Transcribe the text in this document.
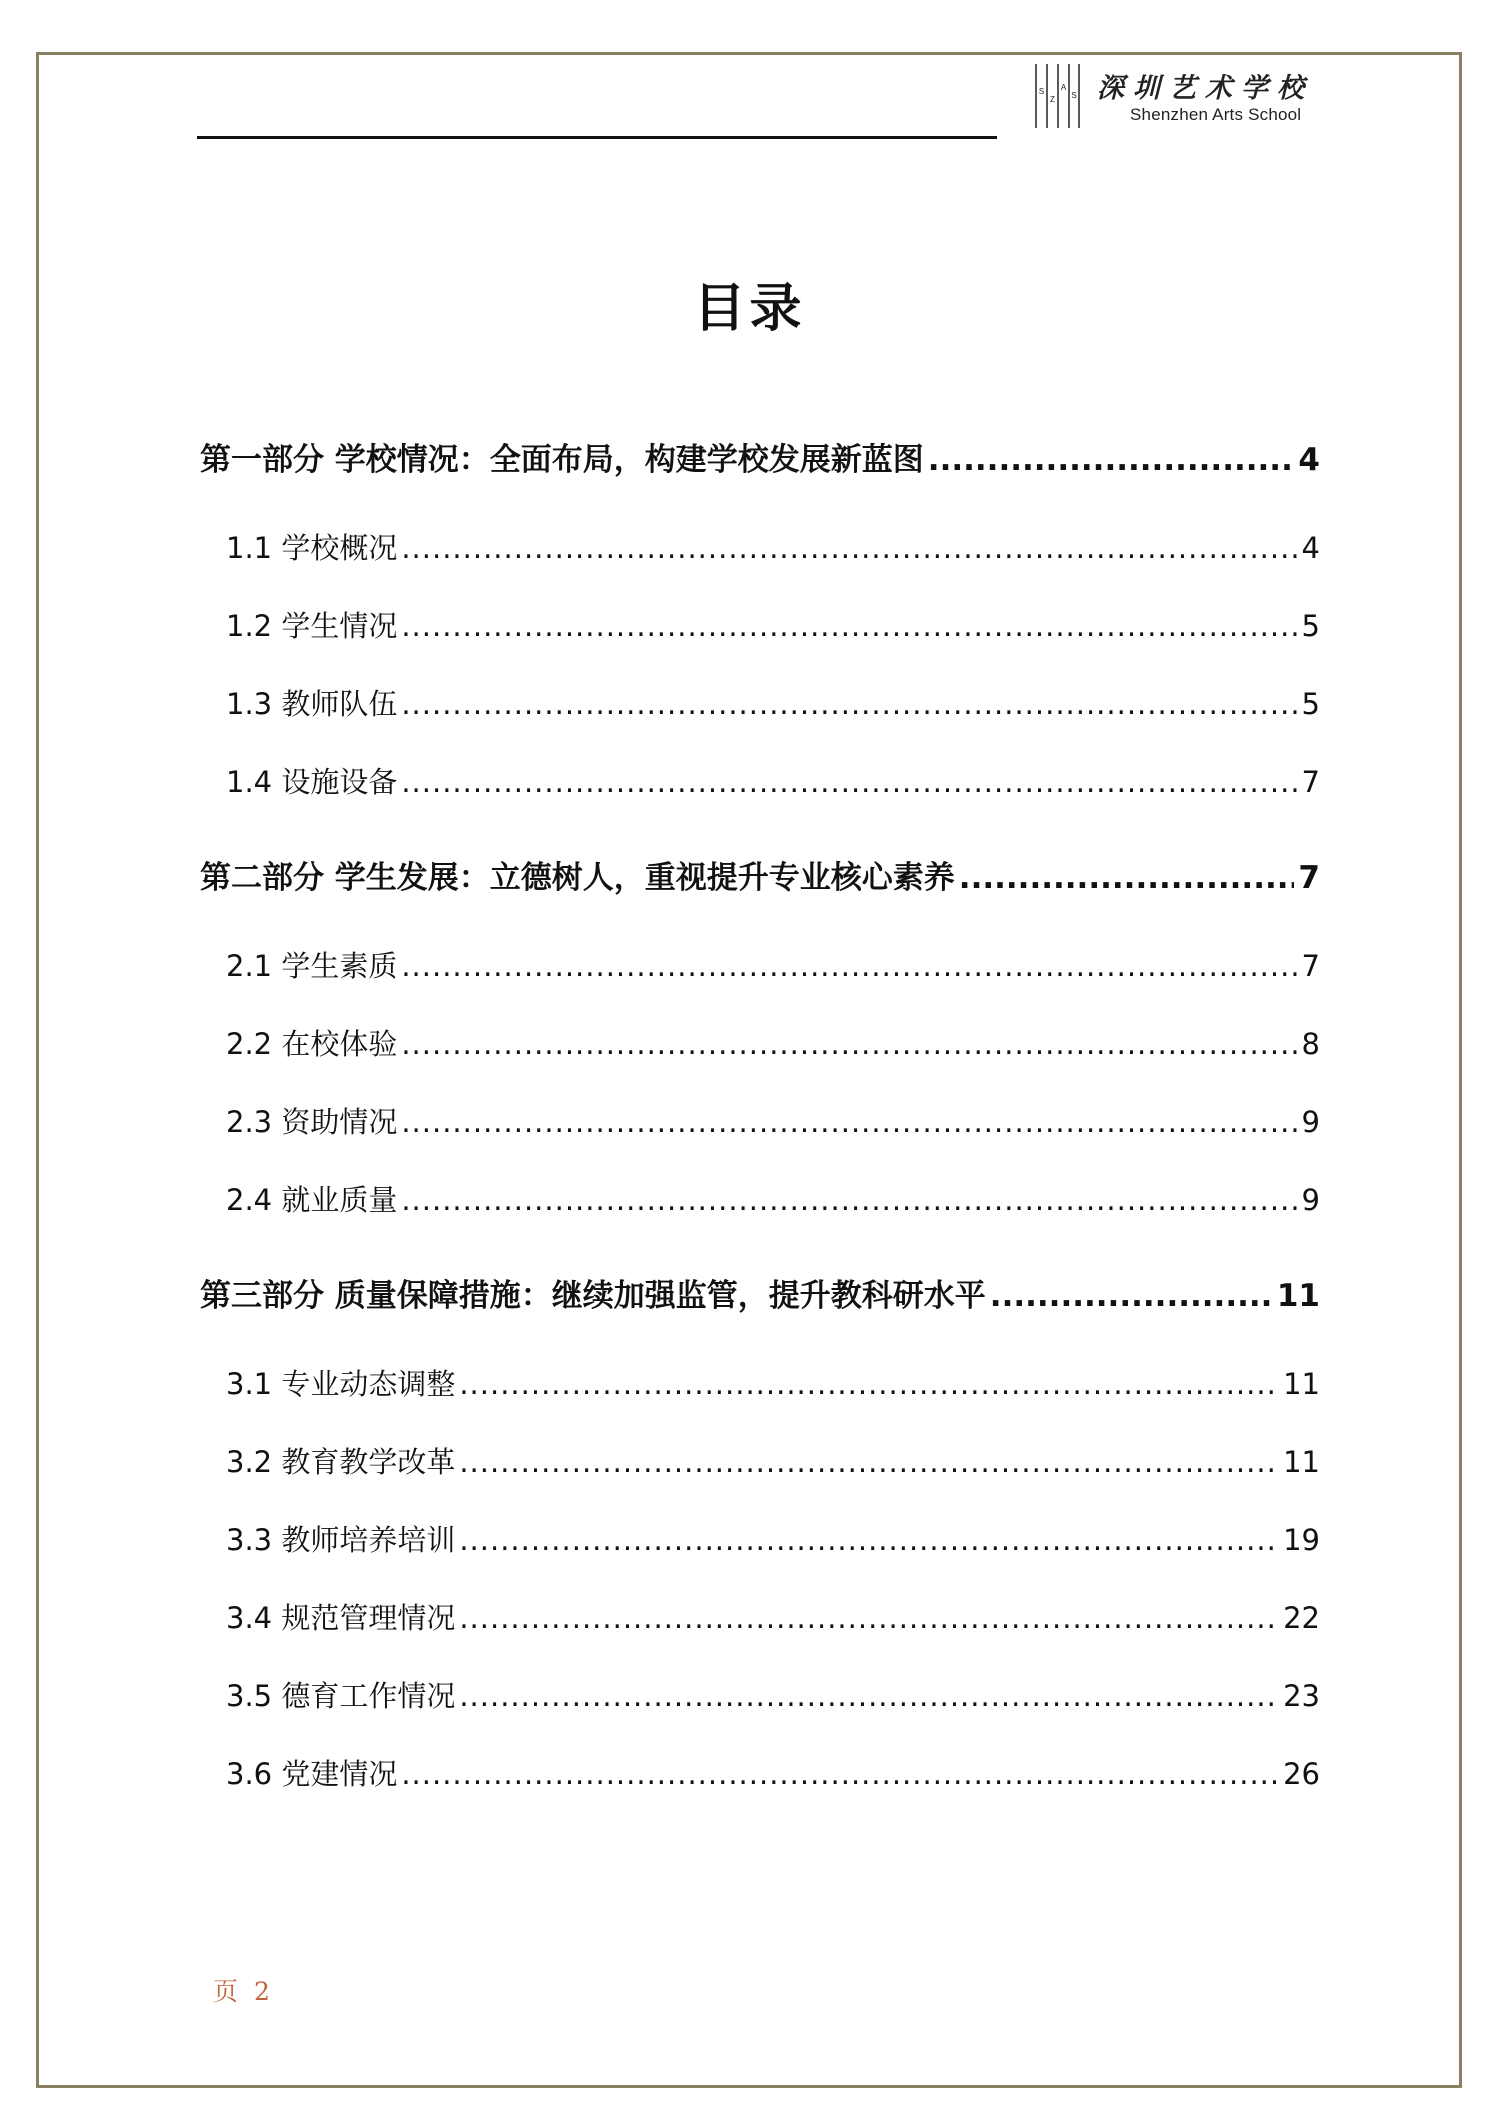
S
Z
A
S 深圳艺术学校
Shenzhen Arts School
目录
第一部分 学校情况：全面布局，构建学校发展新蓝图 .....	4
1.1 学校概况 .....	4
1.2 学生情况 .....	5
1.3 教师队伍 .....	5
1.4 设施设备 .....	7
第二部分 学生发展：立德树人，重视提升专业核心素养 .....	7
2.1 学生素质 .....	7
2.2 在校体验 .....	8
2.3 资助情况 .....	9
2.4 就业质量 .....	9
第三部分 质量保障措施：继续加强监管，提升教科研水平 .....	11
3.1 专业动态调整 .....	11
3.2 教育教学改革 .....	11
3.3 教师培养培训 .....	19
3.4 规范管理情况 .....	22
3.5 德育工作情况 .....	23
3.6 党建情况 .....	26
页 2
